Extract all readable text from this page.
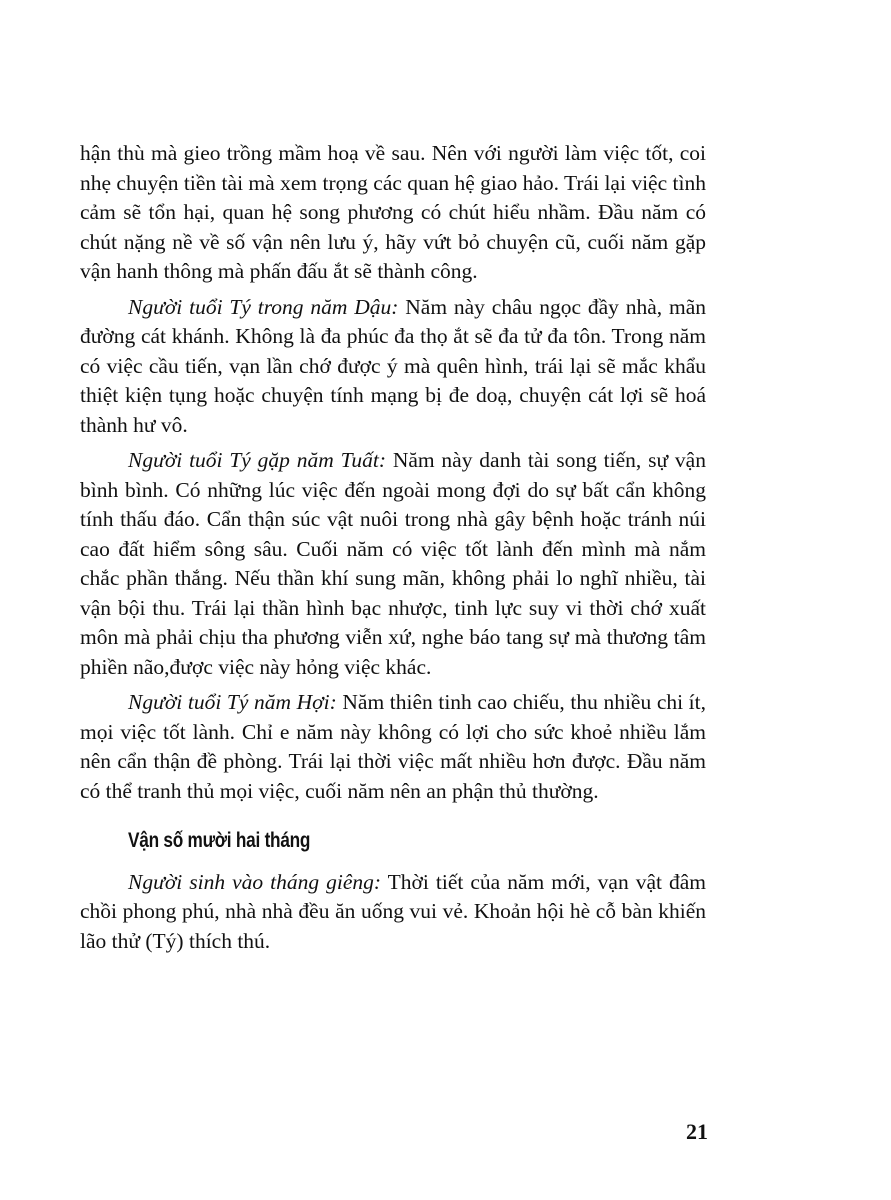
hận thù mà gieo trồng mầm hoạ về sau. Nên với người làm việc tốt, coi nhẹ chuyện tiền tài mà xem trọng các quan hệ giao hảo. Trái lại việc tình cảm sẽ tổn hại, quan hệ song phương có chút hiểu nhầm. Đầu năm có chút nặng nề về số vận nên lưu ý, hãy vứt bỏ chuyện cũ, cuối năm gặp vận hanh thông mà phấn đấu ắt sẽ thành công.

Người tuổi Tý trong năm Dậu: Năm này châu ngọc đầy nhà, mãn đường cát khánh. Không là đa phúc đa thọ ắt sẽ đa tử đa tôn. Trong năm có việc cầu tiến, vạn lần chớ được ý mà quên hình, trái lại sẽ mắc khẩu thiệt kiện tụng hoặc chuyện tính mạng bị đe doạ, chuyện cát lợi sẽ hoá thành hư vô.

Người tuổi Tý gặp năm Tuất: Năm này danh tài song tiến, sự vận bình bình. Có những lúc việc đến ngoài mong đợi do sự bất cẩn không tính thấu đáo. Cẩn thận súc vật nuôi trong nhà gây bệnh hoặc tránh núi cao đất hiểm sông sâu. Cuối năm có việc tốt lành đến mình mà nắm chắc phần thắng. Nếu thần khí sung mãn, không phải lo nghĩ nhiều, tài vận bội thu. Trái lại thần hình bạc nhược, tinh lực suy vi thời chớ xuất môn mà phải chịu tha phương viễn xứ, nghe báo tang sự mà thương tâm phiền não,được việc này hỏng việc khác.

Người tuổi Tý năm Hợi: Năm thiên tinh cao chiếu, thu nhiều chi ít, mọi việc tốt lành. Chỉ e năm này không có lợi cho sức khoẻ nhiều lắm nên cẩn thận đề phòng. Trái lại thời việc mất nhiều hơn được. Đầu năm có thể tranh thủ mọi việc, cuối năm nên an phận thủ thường.

Vận số mười hai tháng

Người sinh vào tháng giêng: Thời tiết của năm mới, vạn vật đâm chồi phong phú, nhà nhà đều ăn uống vui vẻ. Khoản hội hè cỗ bàn khiến lão thử (Tý) thích thú.

21
